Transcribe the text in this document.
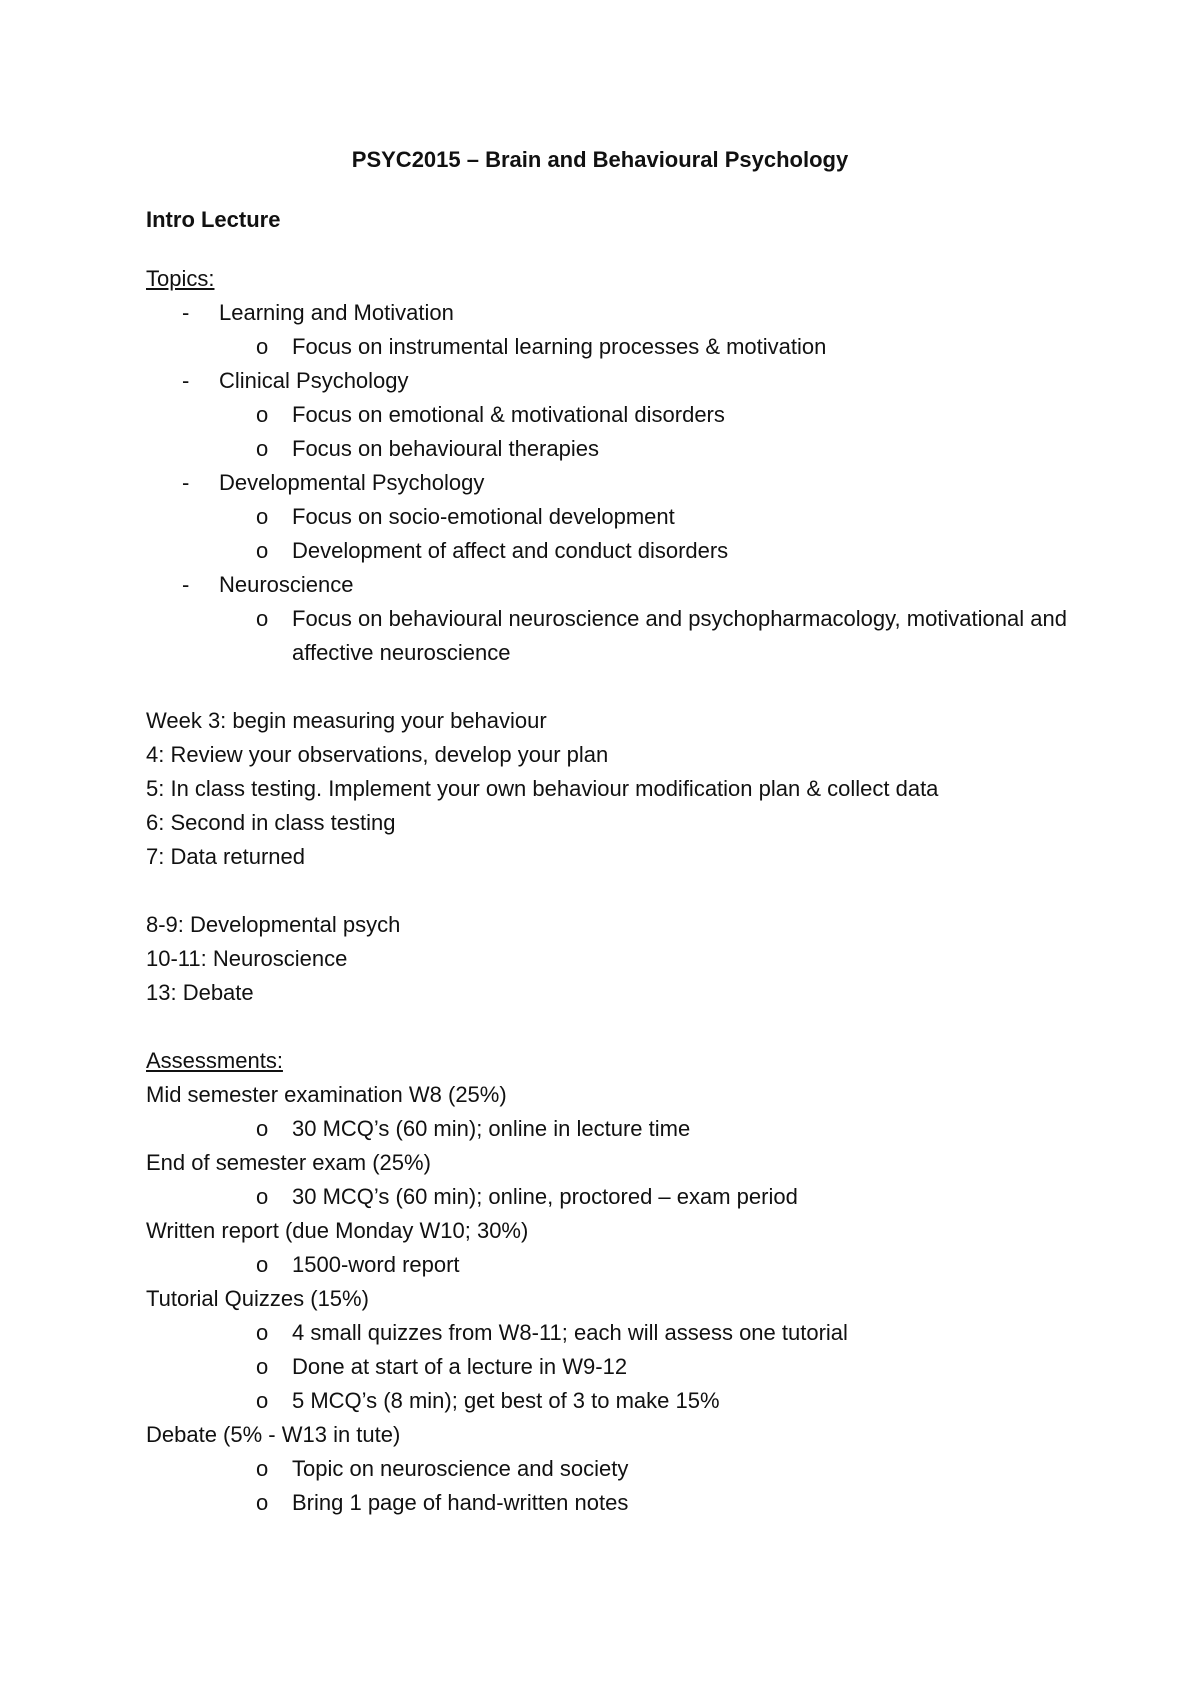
PSYC2015 – Brain and Behavioural Psychology
Intro Lecture
Topics:
- Learning and Motivation
o Focus on instrumental learning processes & motivation
- Clinical Psychology
o Focus on emotional & motivational disorders
o Focus on behavioural therapies
- Developmental Psychology
o Focus on socio-emotional development
o Development of affect and conduct disorders
- Neuroscience
o Focus on behavioural neuroscience and psychopharmacology, motivational and affective neuroscience
Week 3: begin measuring your behaviour
4: Review your observations, develop your plan
5: In class testing. Implement your own behaviour modification plan & collect data
6: Second in class testing
7: Data returned
8-9: Developmental psych
10-11: Neuroscience
13: Debate
Assessments:
Mid semester examination W8 (25%)
o 30 MCQ’s (60 min); online in lecture time
End of semester exam (25%)
o 30 MCQ’s (60 min); online, proctored – exam period
Written report (due Monday W10; 30%)
o 1500-word report
Tutorial Quizzes (15%)
o 4 small quizzes from W8-11; each will assess one tutorial
o Done at start of a lecture in W9-12
o 5 MCQ’s (8 min); get best of 3 to make 15%
Debate (5% - W13 in tute)
o Topic on neuroscience and society
o Bring 1 page of hand-written notes
